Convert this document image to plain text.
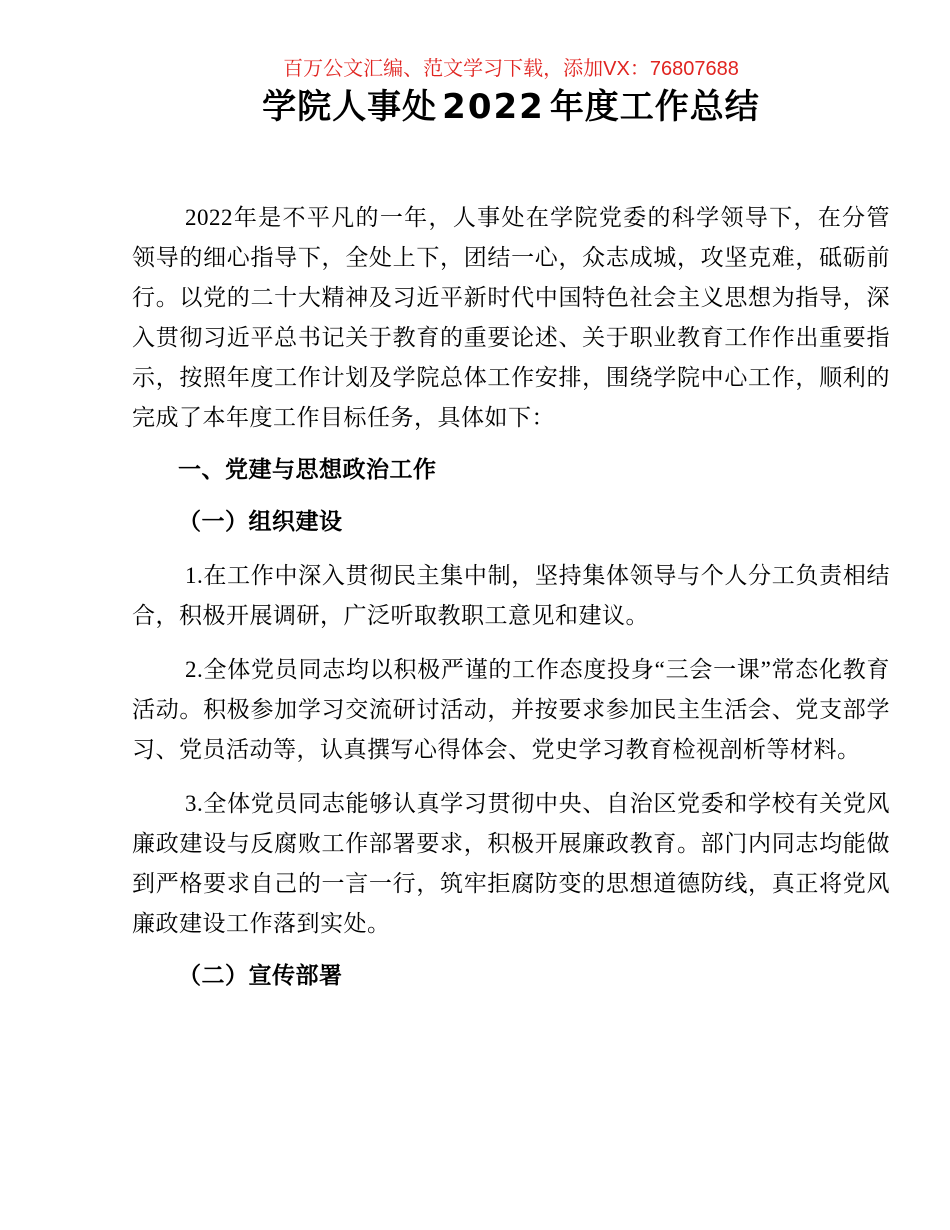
百万公文汇编、范文学习下载，添加VX：76807688
学院人事处 2022 年度工作总结

2022年是不平凡的一年，人事处在学院党委的科学领导下，在分管领导的细心指导下，全处上下，团结一心，众志成城，攻坚克难，砥砺前行。以党的二十大精神及习近平新时代中国特色社会主义思想为指导，深入贯彻习近平总书记关于教育的重要论述、关于职业教育工作作出重要指示，按照年度工作计划及学院总体工作安排，围绕学院中心工作，顺利的完成了本年度工作目标任务，具体如下：

一、党建与思想政治工作
（一）组织建设

1.在工作中深入贯彻民主集中制，坚持集体领导与个人分工负责相结合，积极开展调研，广泛听取教职工意见和建议。

2.全体党员同志均以积极严谨的工作态度投身“三会一课”常态化教育活动。积极参加学习交流研讨活动，并按要求参加民主生活会、党支部学习、党员活动等，认真撰写心得体会、党史学习教育检视剖析等材料。

3.全体党员同志能够认真学习贯彻中央、自治区党委和学校有关党风廉政建设与反腐败工作部署要求，积极开展廉政教育。部门内同志均能做到严格要求自己的一言一行，筑牢拒腐防变的思想道德防线，真正将党风廉政建设工作落到实处。

（二）宣传部署
